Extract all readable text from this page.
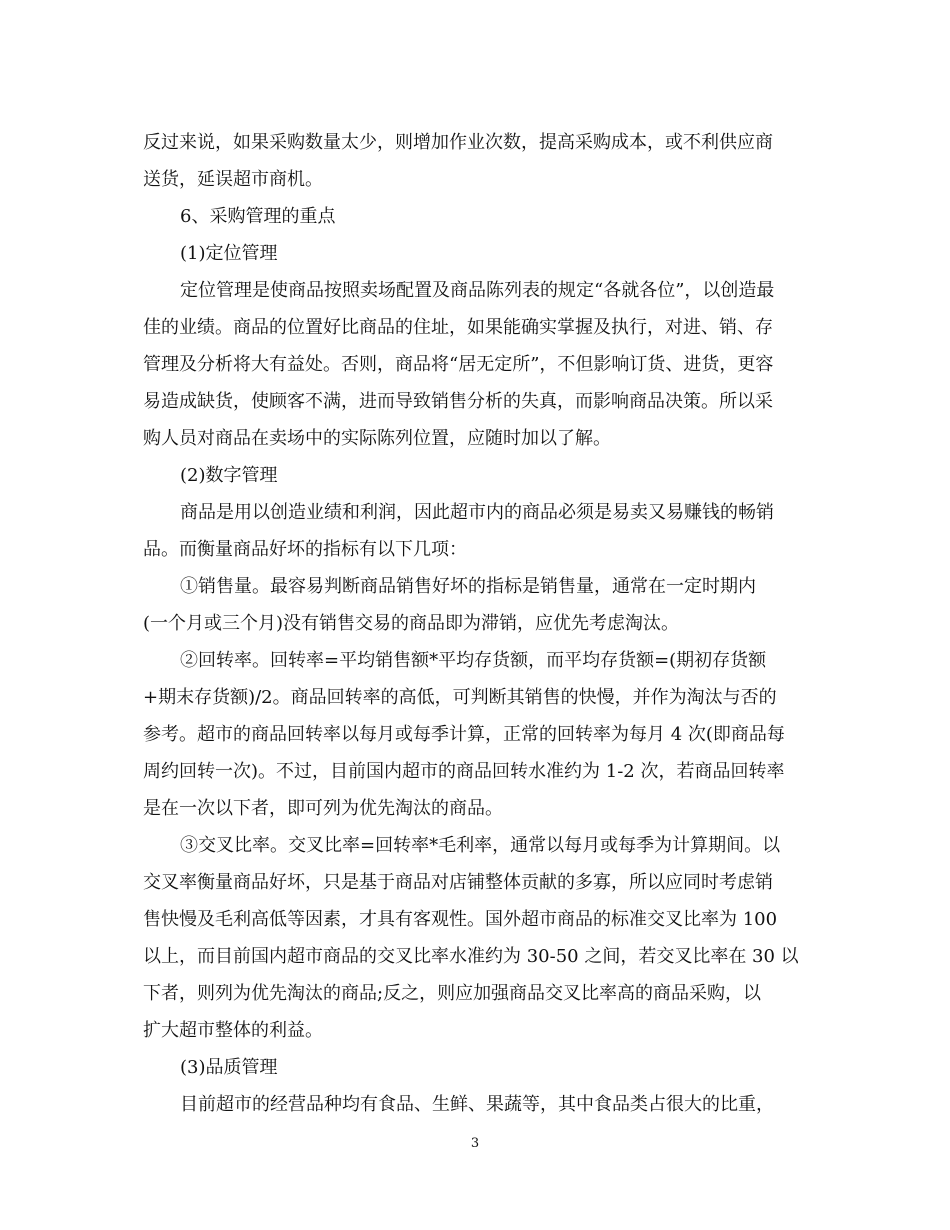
反过来说，如果采购数量太少，则增加作业次数，提高采购成本，或不利供应商
送货，延误超市商机。
6、采购管理的重点
(1)定位管理
定位管理是使商品按照卖场配置及商品陈列表的规定“各就各位”，以创造最
佳的业绩。商品的位置好比商品的住址，如果能确实掌握及执行，对进、销、存
管理及分析将大有益处。否则，商品将“居无定所”，不但影响订货、进货，更容
易造成缺货，使顾客不满，进而导致销售分析的失真，而影响商品决策。所以采
购人员对商品在卖场中的实际陈列位置，应随时加以了解。
(2)数字管理
商品是用以创造业绩和利润，因此超市内的商品必须是易卖又易赚钱的畅销
品。而衡量商品好坏的指标有以下几项：
①销售量。最容易判断商品销售好坏的指标是销售量，通常在一定时期内
(一个月或三个月)没有销售交易的商品即为滞销，应优先考虑淘汰。
②回转率。回转率=平均销售额*平均存货额，而平均存货额=(期初存货额
+期末存货额)/2。商品回转率的高低，可判断其销售的快慢，并作为淘汰与否的
参考。超市的商品回转率以每月或每季计算，正常的回转率为每月 4 次(即商品每
周约回转一次)。不过，目前国内超市的商品回转水准约为 1-2 次，若商品回转率
是在一次以下者，即可列为优先淘汰的商品。
③交叉比率。交叉比率=回转率*毛利率，通常以每月或每季为计算期间。以
交叉率衡量商品好坏，只是基于商品对店铺整体贡献的多寡，所以应同时考虑销
售快慢及毛利高低等因素，才具有客观性。国外超市商品的标准交叉比率为 100
以上，而目前国内超市商品的交叉比率水准约为 30-50 之间，若交叉比率在 30 以
下者，则列为优先淘汰的商品;反之，则应加强商品交叉比率高的商品采购，以
扩大超市整体的利益。
(3)品质管理
目前超市的经营品种均有食品、生鲜、果蔬等，其中食品类占很大的比重，
3
